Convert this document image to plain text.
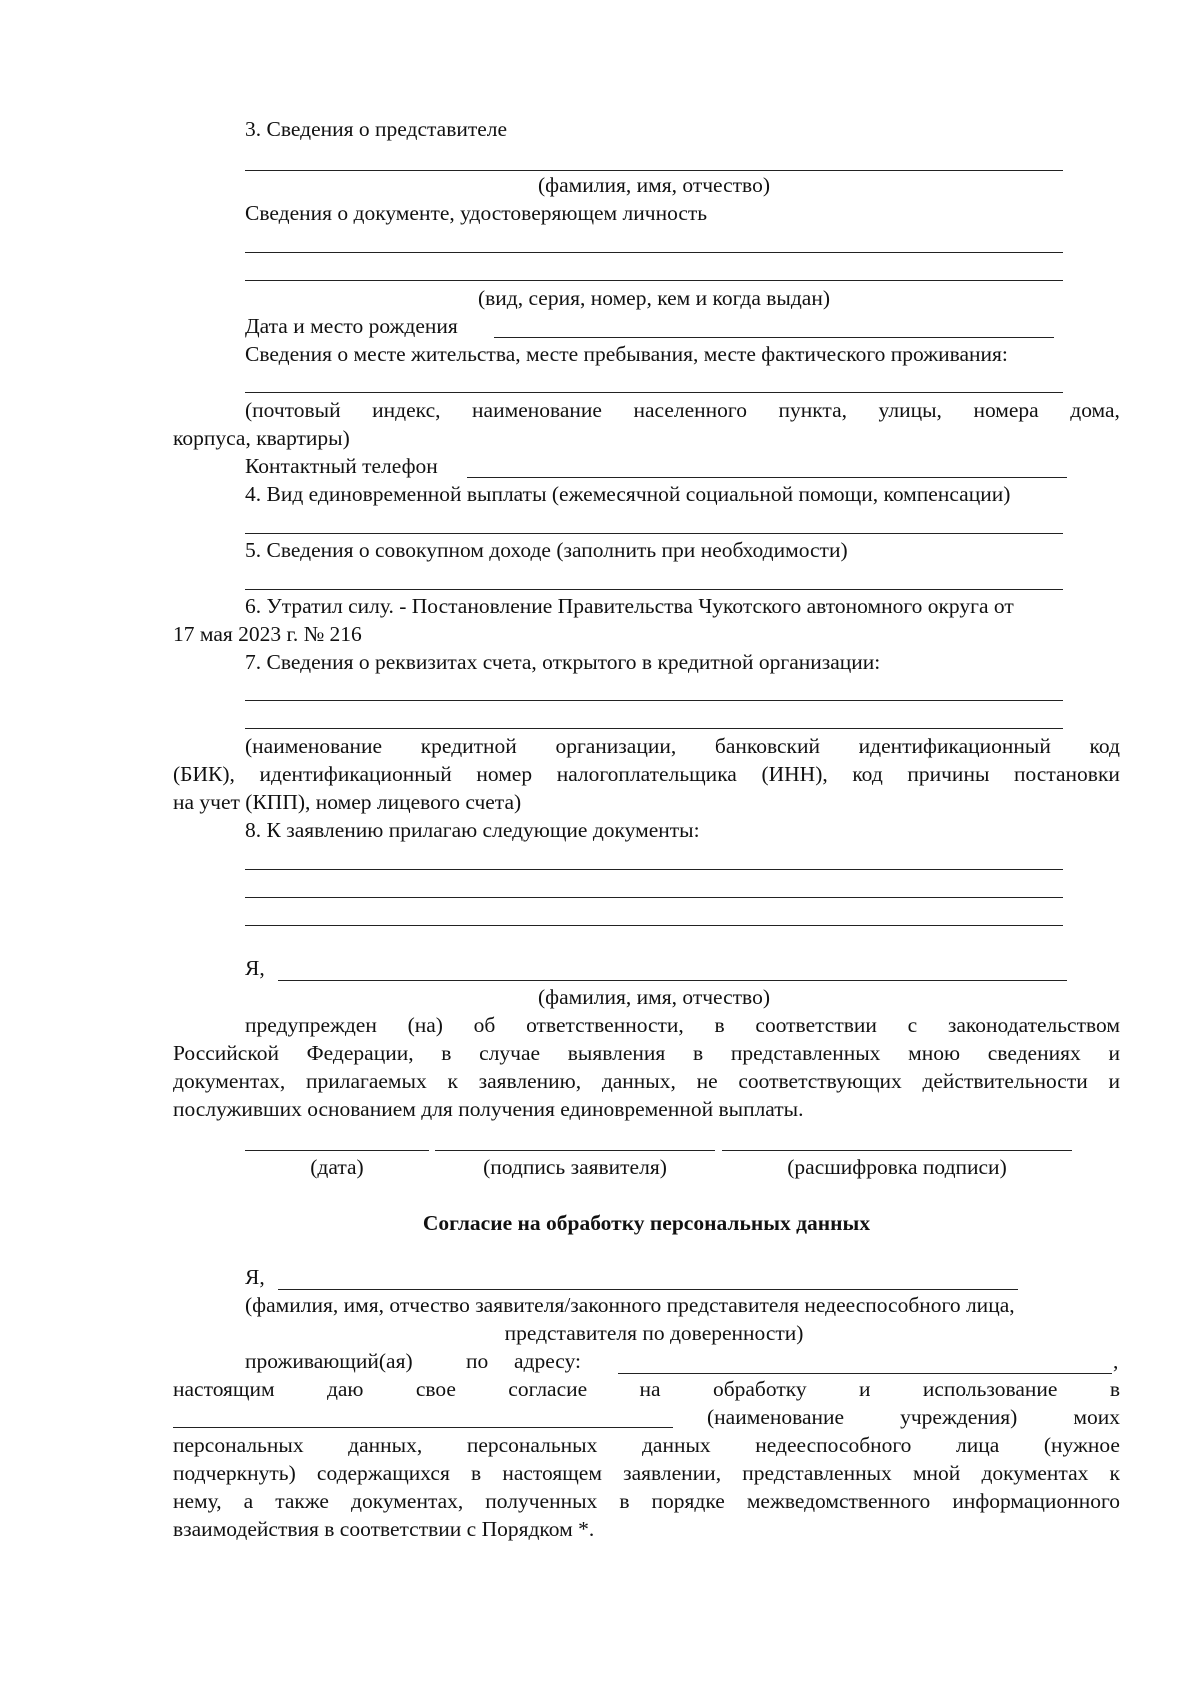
3. Сведения о представителе
(фамилия, имя, отчество)
Сведения о документе, удостоверяющем личность
(вид, серия, номер, кем и когда выдан)
Дата и место рождения
Сведения о месте жительства, месте пребывания, месте фактического проживания:
(почтовый индекс, наименование населенного пункта, улицы, номера дома,
корпуса, квартиры)
Контактный телефон
4. Вид единовременной выплаты (ежемесячной социальной помощи, компенсации)
5. Сведения о совокупном доходе (заполнить при необходимости)
6. Утратил силу. - Постановление Правительства Чукотского автономного округа от
17 мая 2023 г. № 216
7. Сведения о реквизитах счета, открытого в кредитной организации:
(наименование кредитной организации, банковский идентификационный код
(БИК), идентификационный номер налогоплательщика (ИНН), код причины постановки
на учет (КПП), номер лицевого счета)
8. К заявлению прилагаю следующие документы:
Я,
(фамилия, имя, отчество)
предупрежден (на) об ответственности, в соответствии с законодательством
Российской Федерации, в случае выявления в представленных мною сведениях и
документах, прилагаемых к заявлению, данных, не соответствующих действительности и
послуживших основанием для получения единовременной выплаты.
(дата)	(подпись заявителя)	(расшифровка подписи)
Согласие на обработку персональных данных
Я,
(фамилия, имя, отчество заявителя/законного представителя недееспособного лица,
представителя по доверенности)
проживающий(ая) по адресу:	,
настоящим даю свое согласие на обработку и использование в
(наименование	учреждения)	моих
персональных данных, персональных данных недееспособного лица (нужное
подчеркнуть) содержащихся в настоящем заявлении, представленных мной документах к
нему, а также документах, полученных в порядке межведомственного информационного
взаимодействия в соответствии с Порядком *.
